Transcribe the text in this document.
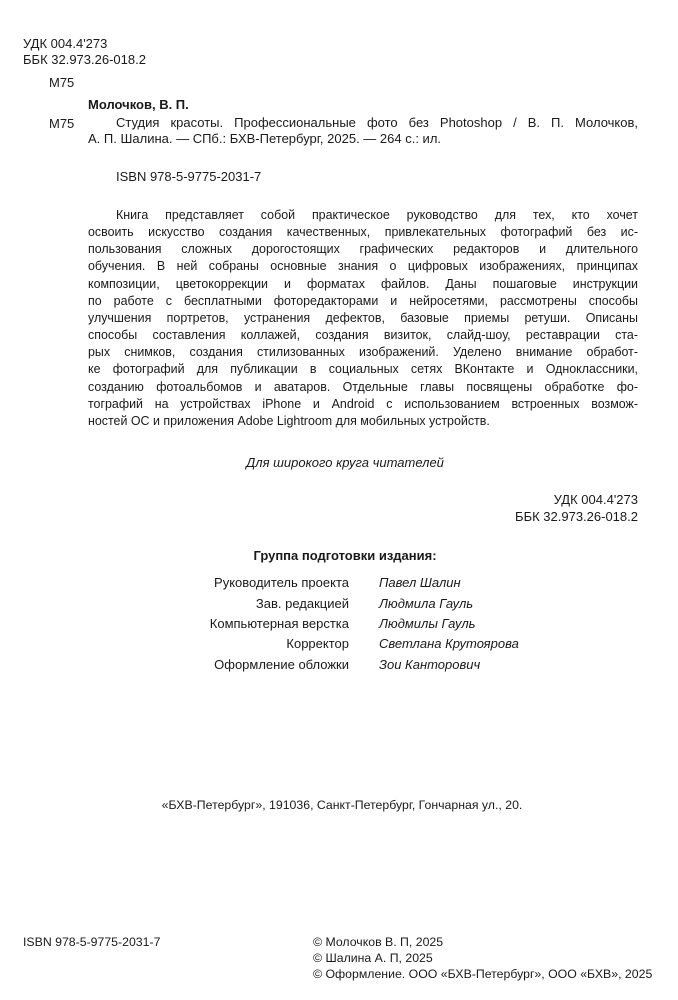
УДК 004.4'273
ББК 32.973.26-018.2
М75
Молочков, В. П.
М75	Студия красоты. Профессиональные фото без Photoshop / В. П. Молочков,
А. П. Шалина. — СПб.: БХВ-Петербург, 2025. — 264 с.: ил.
ISBN 978-5-9775-2031-7
Книга представляет собой практическое руководство для тех, кто хочет
освоить искусство создания качественных, привлекательных фотографий без ис-
пользования сложных дорогостоящих графических редакторов и длительного
обучения. В ней собраны основные знания о цифровых изображениях, принципах
композиции, цветокоррекции и форматах файлов. Даны пошаговые инструкции
по работе с бесплатными фоторедакторами и нейросетями, рассмотрены способы
улучшения портретов, устранения дефектов, базовые приемы ретуши. Описаны
способы составления коллажей, создания визиток, слайд-шоу, реставрации ста-
рых снимков, создания стилизованных изображений. Уделено внимание обработ-
ке фотографий для публикации в социальных сетях ВКонтакте и Одноклассники,
созданию фотоальбомов и аватаров. Отдельные главы посвящены обработке фо-
тографий на устройствах iPhone и Android с использованием встроенных возмож-
ностей ОС и приложения Adobe Lightroom для мобильных устройств.
Для широкого круга читателей
УДК 004.4'273
ББК 32.973.26-018.2
Группа подготовки издания:
Руководитель проекта Павел Шалин
Зав. редакцией Людмила Гауль
Компьютерная верстка Людмилы Гауль
Корректор Светлана Крутоярова
Оформление обложки Зои Канторович
«БХВ-Петербург», 191036, Санкт-Петербург, Гончарная ул., 20.
ISBN 978-5-9775-2031-7	© Молочков В. П, 2025
© Шалина А. П, 2025
© Оформление. ООО «БХВ-Петербург», ООО «БХВ», 2025
